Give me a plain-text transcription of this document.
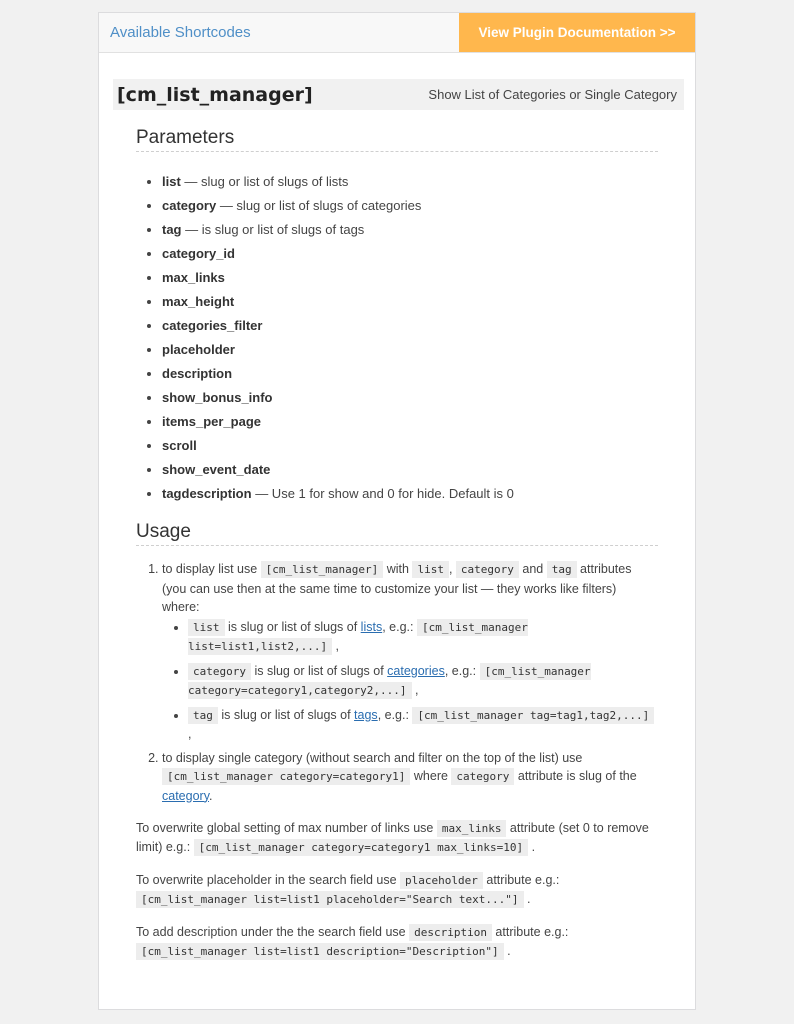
Available Shortcodes	View Plugin Documentation >>
[cm_list_manager]	Show List of Categories or Single Category
Parameters
• list — slug or list of slugs of lists
• category — slug or list of slugs of categories
• tag — is slug or list of slugs of tags
• category_id
• max_links
• max_height
• categories_filter
• placeholder
• description
• show_bonus_info
• items_per_page
• scroll
• show_event_date
• tagdescription — Use 1 for show and 0 for hide. Default is 0
Usage
1. to display list use [cm_list_manager] with list , category and tag attributes (you can use then at the same time to customize your list — they works like filters) where:
• list is slug or list of slugs of lists, e.g.: [cm_list_manager list=list1,list2,...] ,
• category is slug or list of slugs of categories, e.g.: [cm_list_manager category=category1,category2,...] ,
• tag is slug or list of slugs of tags, e.g.: [cm_list_manager tag=tag1,tag2,...] ,
2. to display single category (without search and filter on the top of the list) use [cm_list_manager category=category1] where category attribute is slug of the category.

To overwrite global setting of max number of links use max_links attribute (set 0 to remove limit) e.g.: [cm_list_manager category=category1 max_links=10] .

To overwrite placeholder in the search field use placeholder attribute e.g.: [cm_list_manager list=list1 placeholder="Search text..."] .

To add description under the the search field use description attribute e.g.: [cm_list_manager list=list1 description="Description"] .
